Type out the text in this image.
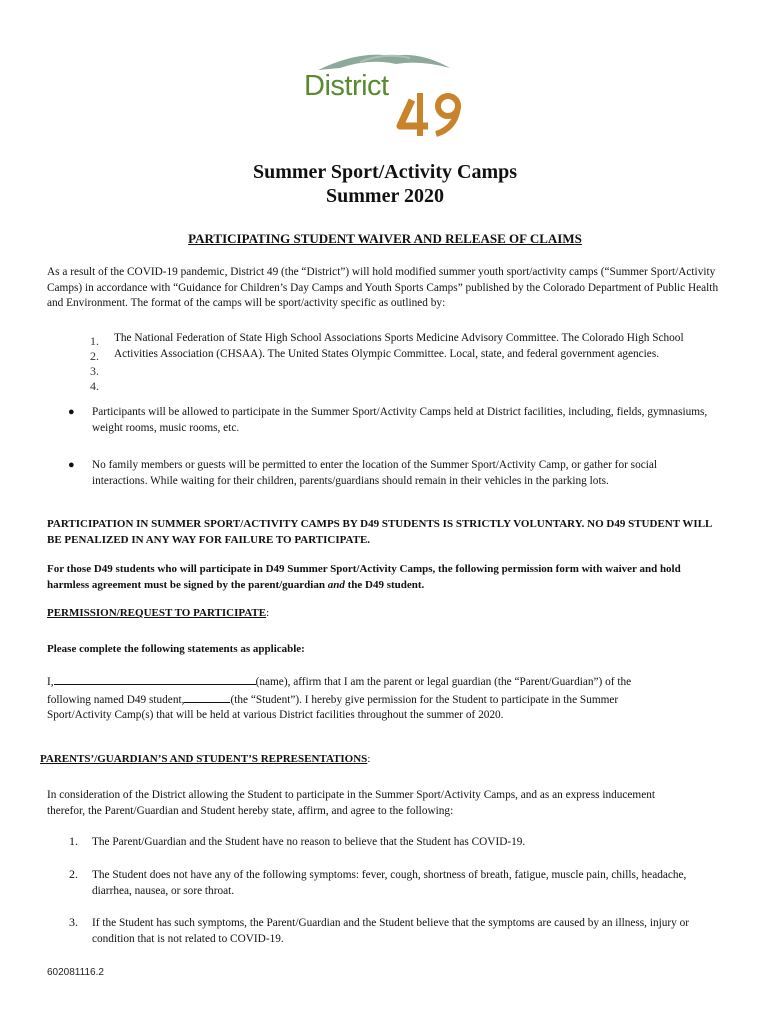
District
Summer Sport/Activity Camps
Summer 2020
PARTICIPATING STUDENT WAIVER AND RELEASE OF CLAIMS
As a result of the COVID-19 pandemic, District 49 (the “District”) will hold modified summer youth sport/activity camps (“Summer Sport/Activity Camps) in accordance with “Guidance for Children’s Day Camps and Youth Sports Camps” published by the Colorado Department of Public Health and Environment. The format of the camps will be sport/activity specific as outlined by:
1.
2.
3.
4.
The National Federation of State High School Associations Sports Medicine Advisory Committee. The Colorado High School Activities Association (CHSAA). The United States Olympic Committee. Local, state, and federal government agencies.
● Participants will be allowed to participate in the Summer Sport/Activity Camps held at District facilities, including, fields, gymnasiums, weight rooms, music rooms, etc.
● No family members or guests will be permitted to enter the location of the Summer Sport/Activity Camp, or gather for social interactions. While waiting for their children, parents/guardians should remain in their vehicles in the parking lots.
PARTICIPATION IN SUMMER SPORT/ACTIVITY CAMPS BY D49 STUDENTS IS STRICTLY VOLUNTARY. NO D49 STUDENT WILL BE PENALIZED IN ANY WAY FOR FAILURE TO PARTICIPATE.
For those D49 students who will participate in D49 Summer Sport/Activity Camps, the following permission form with waiver and hold harmless agreement must be signed by the parent/guardian and the D49 student.
PERMISSION/REQUEST TO PARTICIPATE:
Please complete the following statements as applicable:
I,	(name), affirm that I am the parent or legal guardian (the “Parent/Guardian”) of the
following named D49 student,	(the “Student”). I hereby give permission for the Student to participate in the Summer
Sport/Activity Camp(s) that will be held at various District facilities throughout the summer of 2020.
PARENTS’/GUARDIAN’S AND STUDENT’S REPRESENTATIONS:
In consideration of the District allowing the Student to participate in the Summer Sport/Activity Camps, and as an express inducement therefor, the Parent/Guardian and Student hereby state, affirm, and agree to the following:
1. The Parent/Guardian and the Student have no reason to believe that the Student has COVID-19.
2. The Student does not have any of the following symptoms: fever, cough, shortness of breath, fatigue, muscle pain, chills, headache, diarrhea, nausea, or sore throat.
3. If the Student has such symptoms, the Parent/Guardian and the Student believe that the symptoms are caused by an illness, injury or condition that is not related to COVID-19.
602081116.2
